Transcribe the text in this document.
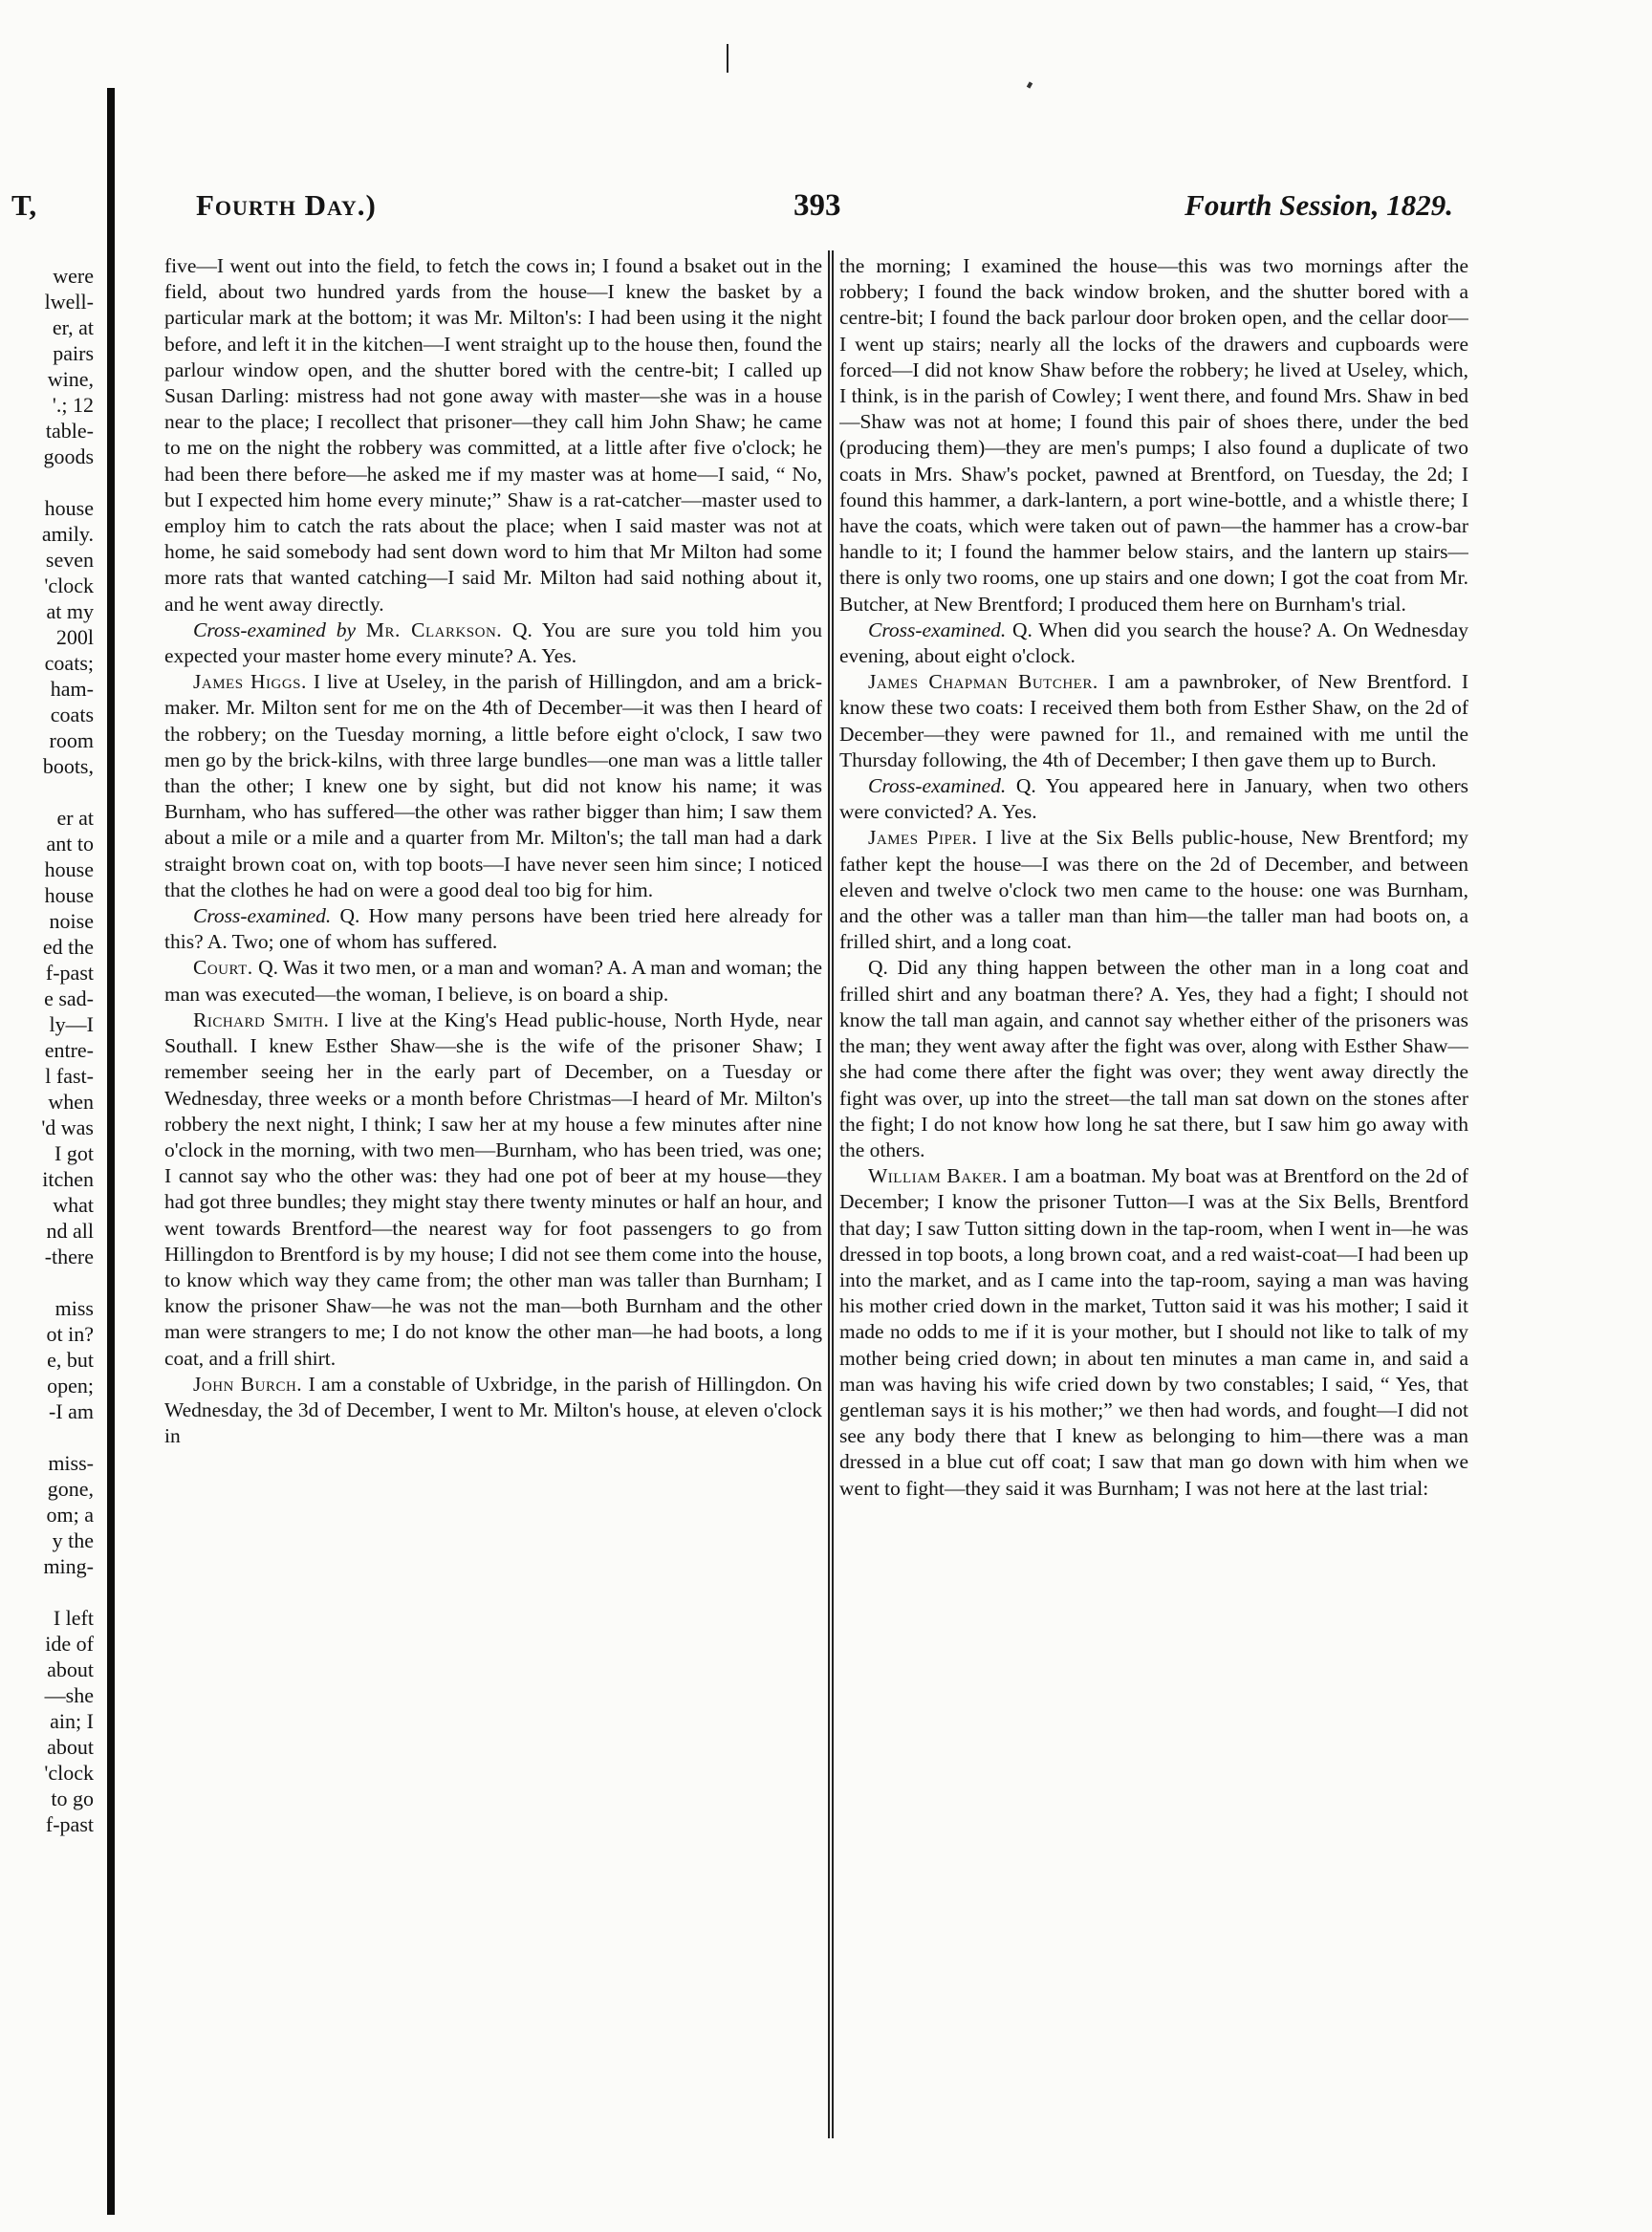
T,	Fourth Day.)	393	Fourth Session, 1829.
were
lwell-
er, at
pairs
wine,
'.; 12
table-
goods
house
amily.
seven
'clock
at my
200l
coats;
ham-
coats
room
boots,
er at
ant to
house
house
noise
ed the
f-past
e sad-
ly—I
entre-
l fast-
when
'd was
I got
itchen
what
nd all
-there
miss
ot in?
e, but
open;
-I am
miss-
gone,
om; a
y the
ming-
I left
ide of
about
—she
ain; I
about
'clock
to go
f-past

five—I went out into the field, to fetch the cows in; I found a bsaket out in the field, about two hundred yards from the house—I knew the basket by a particular mark at the bottom; it was Mr. Milton's: I had been using it the night before, and left it in the kitchen—I went straight up to the house then, found the parlour window open, and the shutter bored with the centre-bit; I called up Susan Darling: mistress had not gone away with master—she was in a house near to the place; I recollect that prisoner—they call him John Shaw; he came to me on the night the robbery was committed, at a little after five o'clock; he had been there before—he asked me if my master was at home—I said, “ No, but I expected him home every minute;” Shaw is a rat-catcher—master used to employ him to catch the rats about the place; when I said master was not at home, he said somebody had sent down word to him that Mr Milton had some more rats that wanted catching—I said Mr. Milton had said nothing about it, and he went away directly.

Cross-examined by Mr. Clarkson. Q. You are sure you told him you expected your master home every minute? A. Yes.

James Higgs. I live at Useley, in the parish of Hillingdon, and am a brick-maker. Mr. Milton sent for me on the 4th of December—it was then I heard of the robbery; on the Tuesday morning, a little before eight o'clock, I saw two men go by the brick-kilns, with three large bundles—one man was a little taller than the other; I knew one by sight, but did not know his name; it was Burnham, who has suffered—the other was rather bigger than him; I saw them about a mile or a mile and a quarter from Mr. Milton's; the tall man had a dark straight brown coat on, with top boots—I have never seen him since; I noticed that the clothes he had on were a good deal too big for him.

Cross-examined. Q. How many persons have been tried here already for this? A. Two; one of whom has suffered.

Court. Q. Was it two men, or a man and woman? A. A man and woman; the man was executed—the woman, I believe, is on board a ship.

Richard Smith. I live at the King's Head public-house, North Hyde, near Southall. I knew Esther Shaw—she is the wife of the prisoner Shaw; I remember seeing her in the early part of December, on a Tuesday or Wednesday, three weeks or a month before Christmas—I heard of Mr. Milton's robbery the next night, I think; I saw her at my house a few minutes after nine o'clock in the morning, with two men—Burnham, who has been tried, was one; I cannot say who the other was: they had one pot of beer at my house—they had got three bundles; they might stay there twenty minutes or half an hour, and went towards Brentford—the nearest way for foot passengers to go from Hillingdon to Brentford is by my house; I did not see them come into the house, to know which way they came from; the other man was taller than Burnham; I know the prisoner Shaw—he was not the man—both Burnham and the other man were strangers to me; I do not know the other man—he had boots, a long coat, and a frill shirt.

John Burch. I am a constable of Uxbridge, in the parish of Hillingdon. On Wednesday, the 3d of December, I went to Mr. Milton's house, at eleven o'clock in

the morning; I examined the house—this was two mornings after the robbery; I found the back window broken, and the shutter bored with a centre-bit; I found the back parlour door broken open, and the cellar door—I went up stairs; nearly all the locks of the drawers and cupboards were forced—I did not know Shaw before the robbery; he lived at Useley, which, I think, is in the parish of Cowley; I went there, and found Mrs. Shaw in bed—Shaw was not at home; I found this pair of shoes there, under the bed (producing them)—they are men's pumps; I also found a duplicate of two coats in Mrs. Shaw's pocket, pawned at Brentford, on Tuesday, the 2d; I found this hammer, a dark-lantern, a port wine-bottle, and a whistle there; I have the coats, which were taken out of pawn—the hammer has a crow-bar handle to it; I found the hammer below stairs, and the lantern up stairs—there is only two rooms, one up stairs and one down; I got the coat from Mr. Butcher, at New Brentford; I produced them here on Burnham's trial.

Cross-examined. Q. When did you search the house? A. On Wednesday evening, about eight o'clock.

James Chapman Butcher. I am a pawnbroker, of New Brentford. I know these two coats: I received them both from Esther Shaw, on the 2d of December—they were pawned for 1l., and remained with me until the Thursday following, the 4th of December; I then gave them up to Burch.

Cross-examined. Q. You appeared here in January, when two others were convicted? A. Yes.

James Piper. I live at the Six Bells public-house, New Brentford; my father kept the house—I was there on the 2d of December, and between eleven and twelve o'clock two men came to the house: one was Burnham, and the other was a taller man than him—the taller man had boots on, a frilled shirt, and a long coat.

Q. Did any thing happen between the other man in a long coat and frilled shirt and any boatman there? A. Yes, they had a fight; I should not know the tall man again, and cannot say whether either of the prisoners was the man; they went away after the fight was over, along with Esther Shaw—she had come there after the fight was over; they went away directly the fight was over, up into the street—the tall man sat down on the stones after the fight; I do not know how long he sat there, but I saw him go away with the others.

William Baker. I am a boatman. My boat was at Brentford on the 2d of December; I know the prisoner Tutton—I was at the Six Bells, Brentford that day; I saw Tutton sitting down in the tap-room, when I went in—he was dressed in top boots, a long brown coat, and a red waist-coat—I had been up into the market, and as I came into the tap-room, saying a man was having his mother cried down in the market, Tutton said it was his mother; I said it made no odds to me if it is your mother, but I should not like to talk of my mother being cried down; in about ten minutes a man came in, and said a man was having his wife cried down by two constables; I said, “ Yes, that gentleman says it is his mother;” we then had words, and fought—I did not see any body there that I knew as belonging to him—there was a man dressed in a blue cut off coat; I saw that man go down with him when we went to fight—they said it was Burnham; I was not here at the last trial:
